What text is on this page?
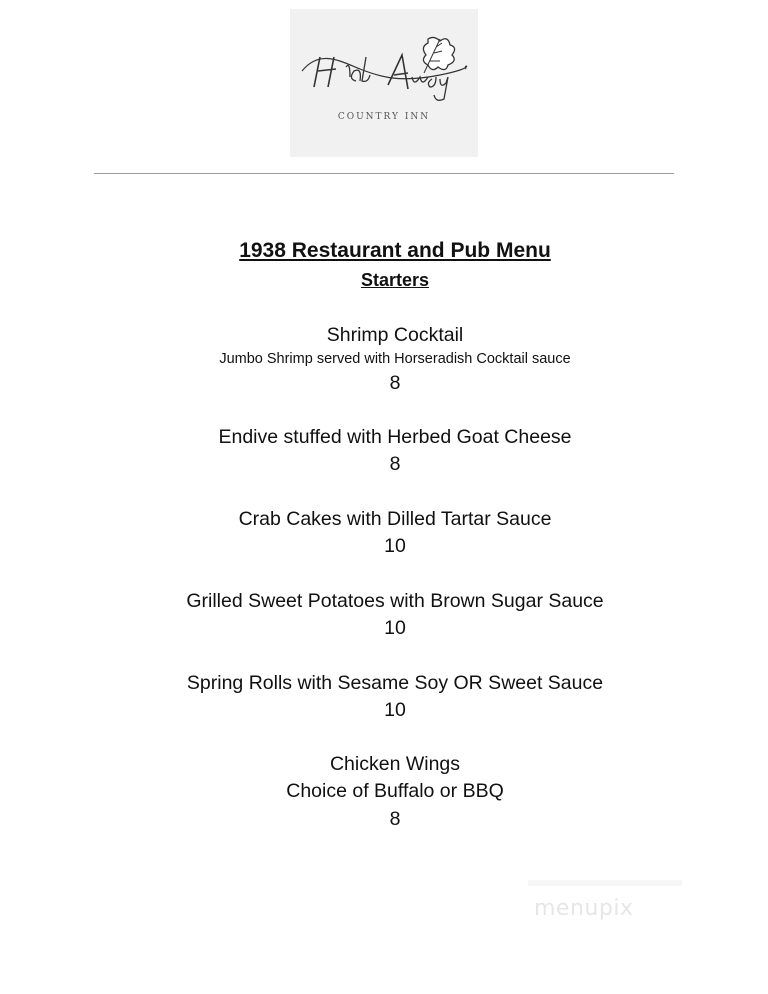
COUNTRY INN
1938 Restaurant and Pub Menu
Starters
Shrimp Cocktail
Jumbo Shrimp served with Horseradish Cocktail sauce
8
Endive stuffed with Herbed Goat Cheese
8
Crab Cakes with Dilled Tartar Sauce
10
Grilled Sweet Potatoes with Brown Sugar Sauce
10
Spring Rolls with Sesame Soy OR Sweet Sauce
10
Chicken Wings
Choice of Buffalo or BBQ
8
menupix
